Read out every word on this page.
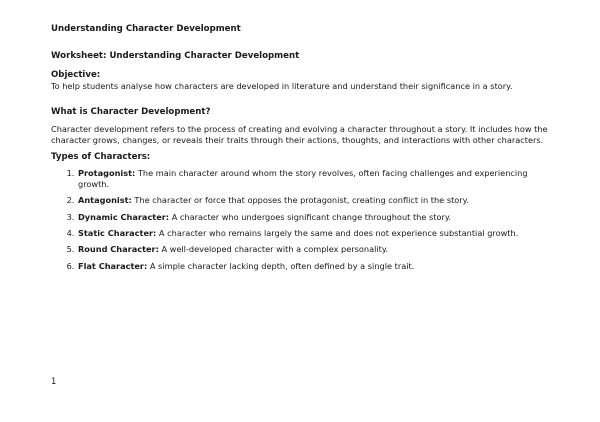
Understanding Character Development

Worksheet: Understanding Character Development

Objective:

To help students analyse how characters are developed in literature and understand their significance in a story.

What is Character Development?

Character development refers to the process of creating and evolving a character throughout a story. It includes how the character grows, changes, or reveals their traits through their actions, thoughts, and interactions with other characters.

Types of Characters:

1. Protagonist: The main character around whom the story revolves, often facing challenges and experiencing growth.
2. Antagonist: The character or force that opposes the protagonist, creating conflict in the story.
3. Dynamic Character: A character who undergoes significant change throughout the story.
4. Static Character: A character who remains largely the same and does not experience substantial growth.
5. Round Character: A well-developed character with a complex personality.
6. Flat Character: A simple character lacking depth, often defined by a single trait.
1
